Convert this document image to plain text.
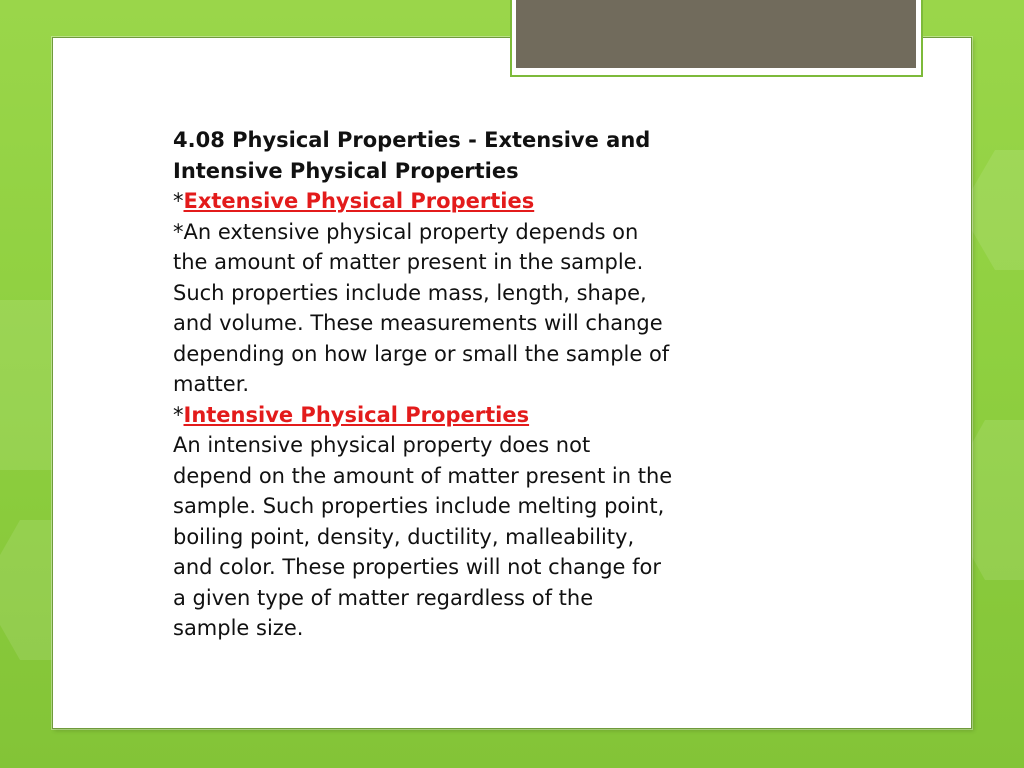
4.08 Physical Properties - Extensive and Intensive Physical Properties

*Extensive Physical Properties

*An extensive physical property depends on the amount of matter present in the sample. Such properties include mass, length, shape, and volume. These measurements will change depending on how large or small the sample of matter.

*Intensive Physical Properties

An intensive physical property does not depend on the amount of matter present in the sample. Such properties include melting point, boiling point, density, ductility, malleability, and color. These properties will not change for a given type of matter regardless of the sample size.
